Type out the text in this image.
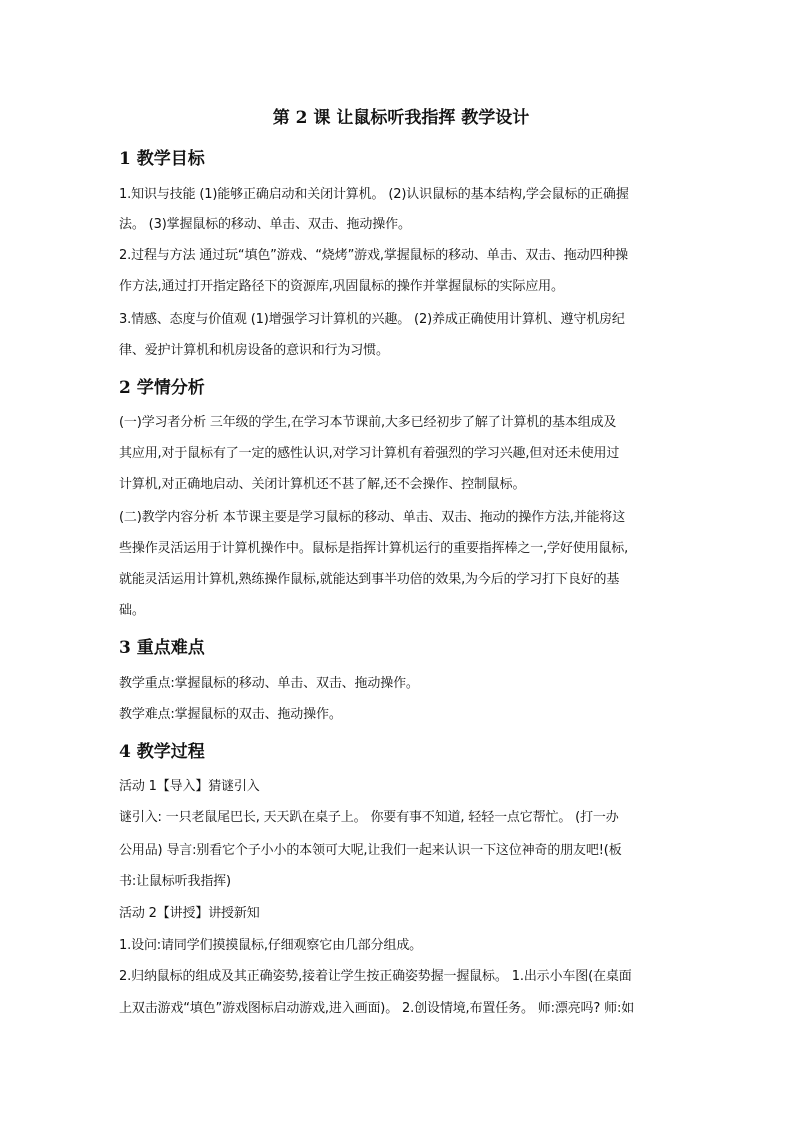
第 2 课 让鼠标听我指挥 教学设计
1 教学目标
1.知识与技能 (1)能够正确启动和关闭计算机。 (2)认识鼠标的基本结构,学会鼠标的正确握
法。 (3)掌握鼠标的移动、单击、双击、拖动操作。
2.过程与方法 通过玩“填色”游戏、“烧烤”游戏,掌握鼠标的移动、单击、双击、拖动四种操
作方法,通过打开指定路径下的资源库,巩固鼠标的操作并掌握鼠标的实际应用。
3.情感、态度与价值观 (1)增强学习计算机的兴趣。 (2)养成正确使用计算机、遵守机房纪
律、爱护计算机和机房设备的意识和行为习惯。
2 学情分析
(一)学习者分析 三年级的学生,在学习本节课前,大多已经初步了解了计算机的基本组成及
其应用,对于鼠标有了一定的感性认识,对学习计算机有着强烈的学习兴趣,但对还未使用过
计算机,对正确地启动、关闭计算机还不甚了解,还不会操作、控制鼠标。
(二)教学内容分析 本节课主要是学习鼠标的移动、单击、双击、拖动的操作方法,并能将这
些操作灵活运用于计算机操作中。鼠标是指挥计算机运行的重要指挥棒之一,学好使用鼠标,
就能灵活运用计算机,熟练操作鼠标,就能达到事半功倍的效果,为今后的学习打下良好的基
础。
3 重点难点
教学重点:掌握鼠标的移动、单击、双击、拖动操作。
教学难点:掌握鼠标的双击、拖动操作。
4 教学过程
活动 1【导入】猜谜引入
谜引入: 一只老鼠尾巴长, 天天趴在桌子上。 你要有事不知道, 轻轻一点它帮忙。 (打一办
公用品) 导言:别看它个子小小的本领可大呢,让我们一起来认识一下这位神奇的朋友吧!(板
书:让鼠标听我指挥)
活动 2【讲授】讲授新知
1.设问:请同学们摸摸鼠标,仔细观察它由几部分组成。
2.归纳鼠标的组成及其正确姿势,接着让学生按正确姿势握一握鼠标。 1.出示小车图(在桌面
上双击游戏“填色”游戏图标启动游戏,进入画面)。 2.创设情境,布置任务。 师:漂亮吗? 师:如
